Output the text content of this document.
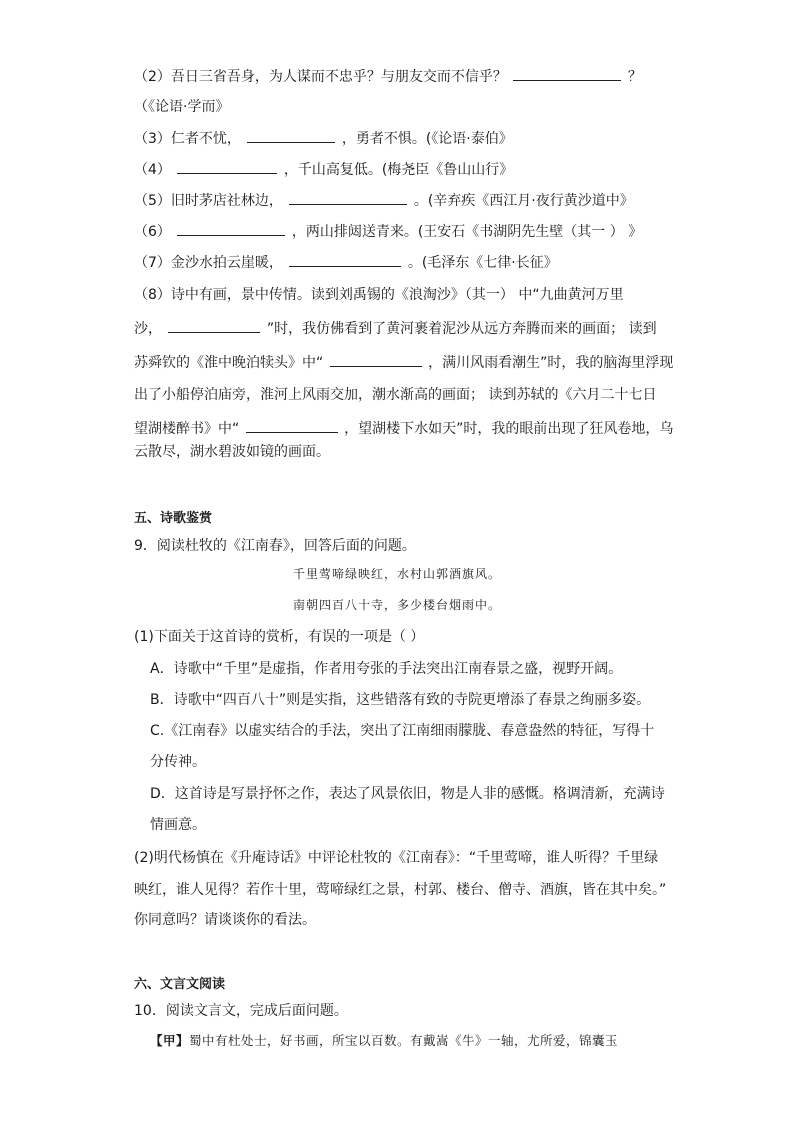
（2）吾日三省吾身，为人谋而不忠乎？与朋友交而不信乎？	？
（《论语·学而》
（3）仁者不忧，	，勇者不惧。(《论语·泰伯》
（4）	，千山高复低。(梅尧臣《鲁山山行》
（5）旧时茅店社林边，	。(辛弃疾《西江月·夜行黄沙道中》
（6）	，两山排闼送青来。(王安石《书湖阴先生壁（其一 ） 》
（7）金沙水拍云崖暖，	。(毛泽东《七律·长征》
（8）诗中有画，景中传情。读到刘禹锡的《浪淘沙》（其一） 中“九曲黄河万里
沙，	”时，我仿佛看到了黄河裹着泥沙从远方奔腾而来的画面； 读到
苏舜钦的《淮中晚泊犊头》中“	，满川风雨看潮生”时，我的脑海里浮现
出了小船停泊庙旁，淮河上风雨交加，潮水渐高的画面； 读到苏轼的《六月二十七日
望湖楼醉书》中“	，望湖楼下水如天”时，我的眼前出现了狂风卷地，乌
云散尽，湖水碧波如镜的画面。
五、诗歌鉴赏
9．阅读杜牧的《江南春》，回答后面的问题。
千里莺啼绿映红，水村山郭酒旗风。
南朝四百八十寺，多少楼台烟雨中。
(1)下面关于这首诗的赏析，有误的一项是（ ）
A．诗歌中“千里”是虚指，作者用夸张的手法突出江南春景之盛，视野开阔。
B．诗歌中“四百八十”则是实指，这些错落有致的寺院更增添了春景之绚丽多姿。
C.《江南春》以虚实结合的手法，突出了江南细雨朦胧、春意盎然的特征，写得十
分传神。
D．这首诗是写景抒怀之作，表达了风景依旧，物是人非的感慨。格调清新，充满诗
情画意。
(2)明代杨慎在《升庵诗话》中评论杜牧的《江南春》：“千里莺啼，谁人听得？千里绿
映红，谁人见得？若作十里，莺啼绿红之景，村郭、楼台、僧寺、酒旗，皆在其中矣。”
你同意吗？请谈谈你的看法。
六、文言文阅读
10．阅读文言文，完成后面问题。
【甲】蜀中有杜处士，好书画，所宝以百数。有戴嵩《牛》一轴，尤所爱，锦囊玉
